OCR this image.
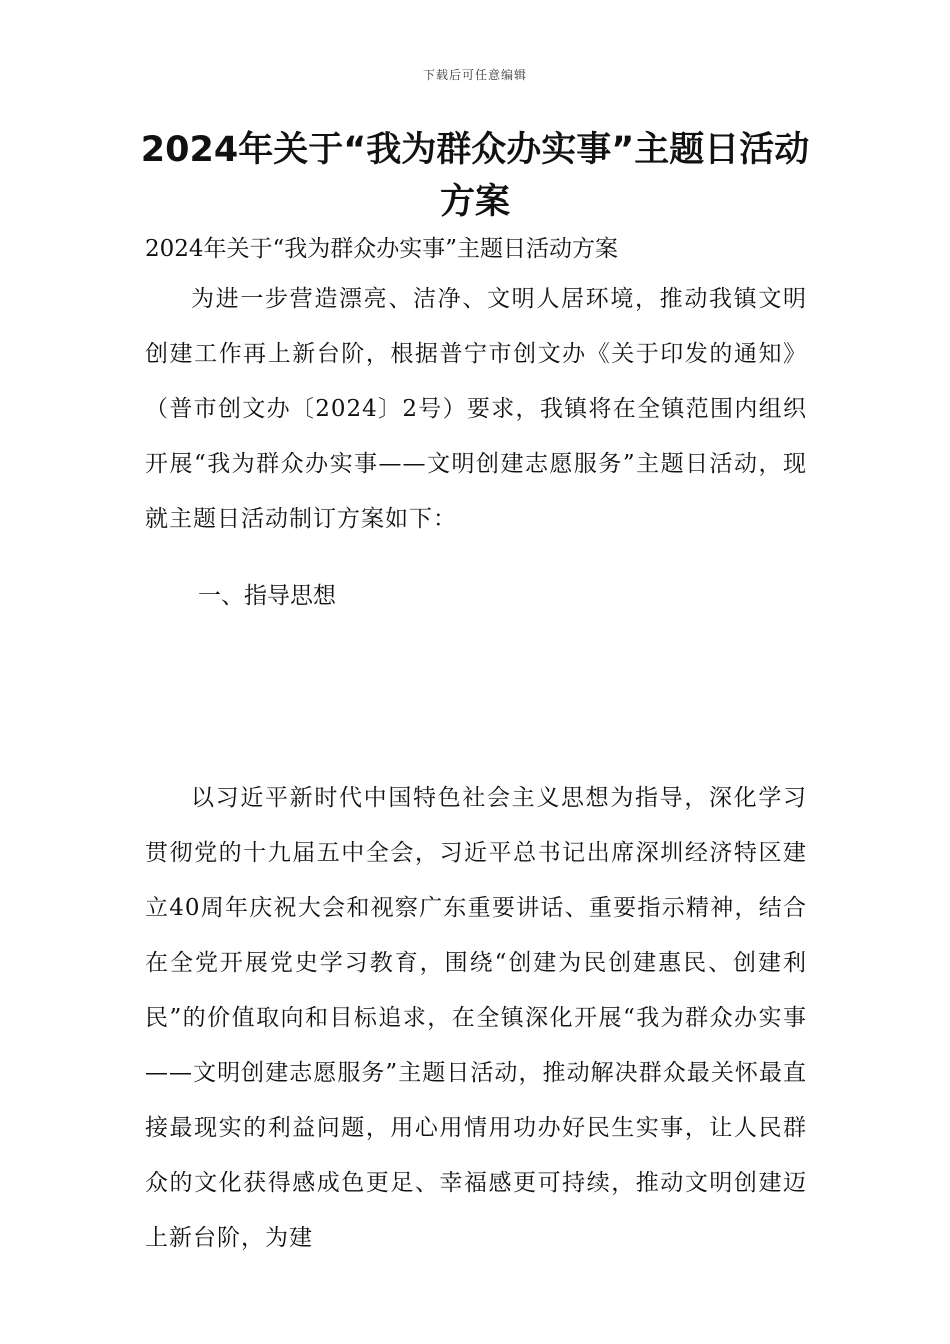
下载后可任意编辑
2024年关于“我为群众办实事”主题日活动方案
2024年关于“我为群众办实事”主题日活动方案

为进一步营造漂亮、洁净、文明人居环境，推动我镇文明创建工作再上新台阶，根据普宁市创文办《关于印发的通知》（普市创文办〔2024〕2号）要求，我镇将在全镇范围内组织开展“我为群众办实事——文明创建志愿服务”主题日活动，现就主题日活动制订方案如下：

一、指导思想

以习近平新时代中国特色社会主义思想为指导，深化学习贯彻党的十九届五中全会，习近平总书记出席深圳经济特区建立40周年庆祝大会和视察广东重要讲话、重要指示精神，结合在全党开展党史学习教育，围绕“创建为民创建惠民、创建利民”的价值取向和目标追求，在全镇深化开展“我为群众办实事——文明创建志愿服务”主题日活动，推动解决群众最关怀最直接最现实的利益问题，用心用情用功办好民生实事，让人民群众的文化获得感成色更足、幸福感更可持续，推动文明创建迈上新台阶，为建
